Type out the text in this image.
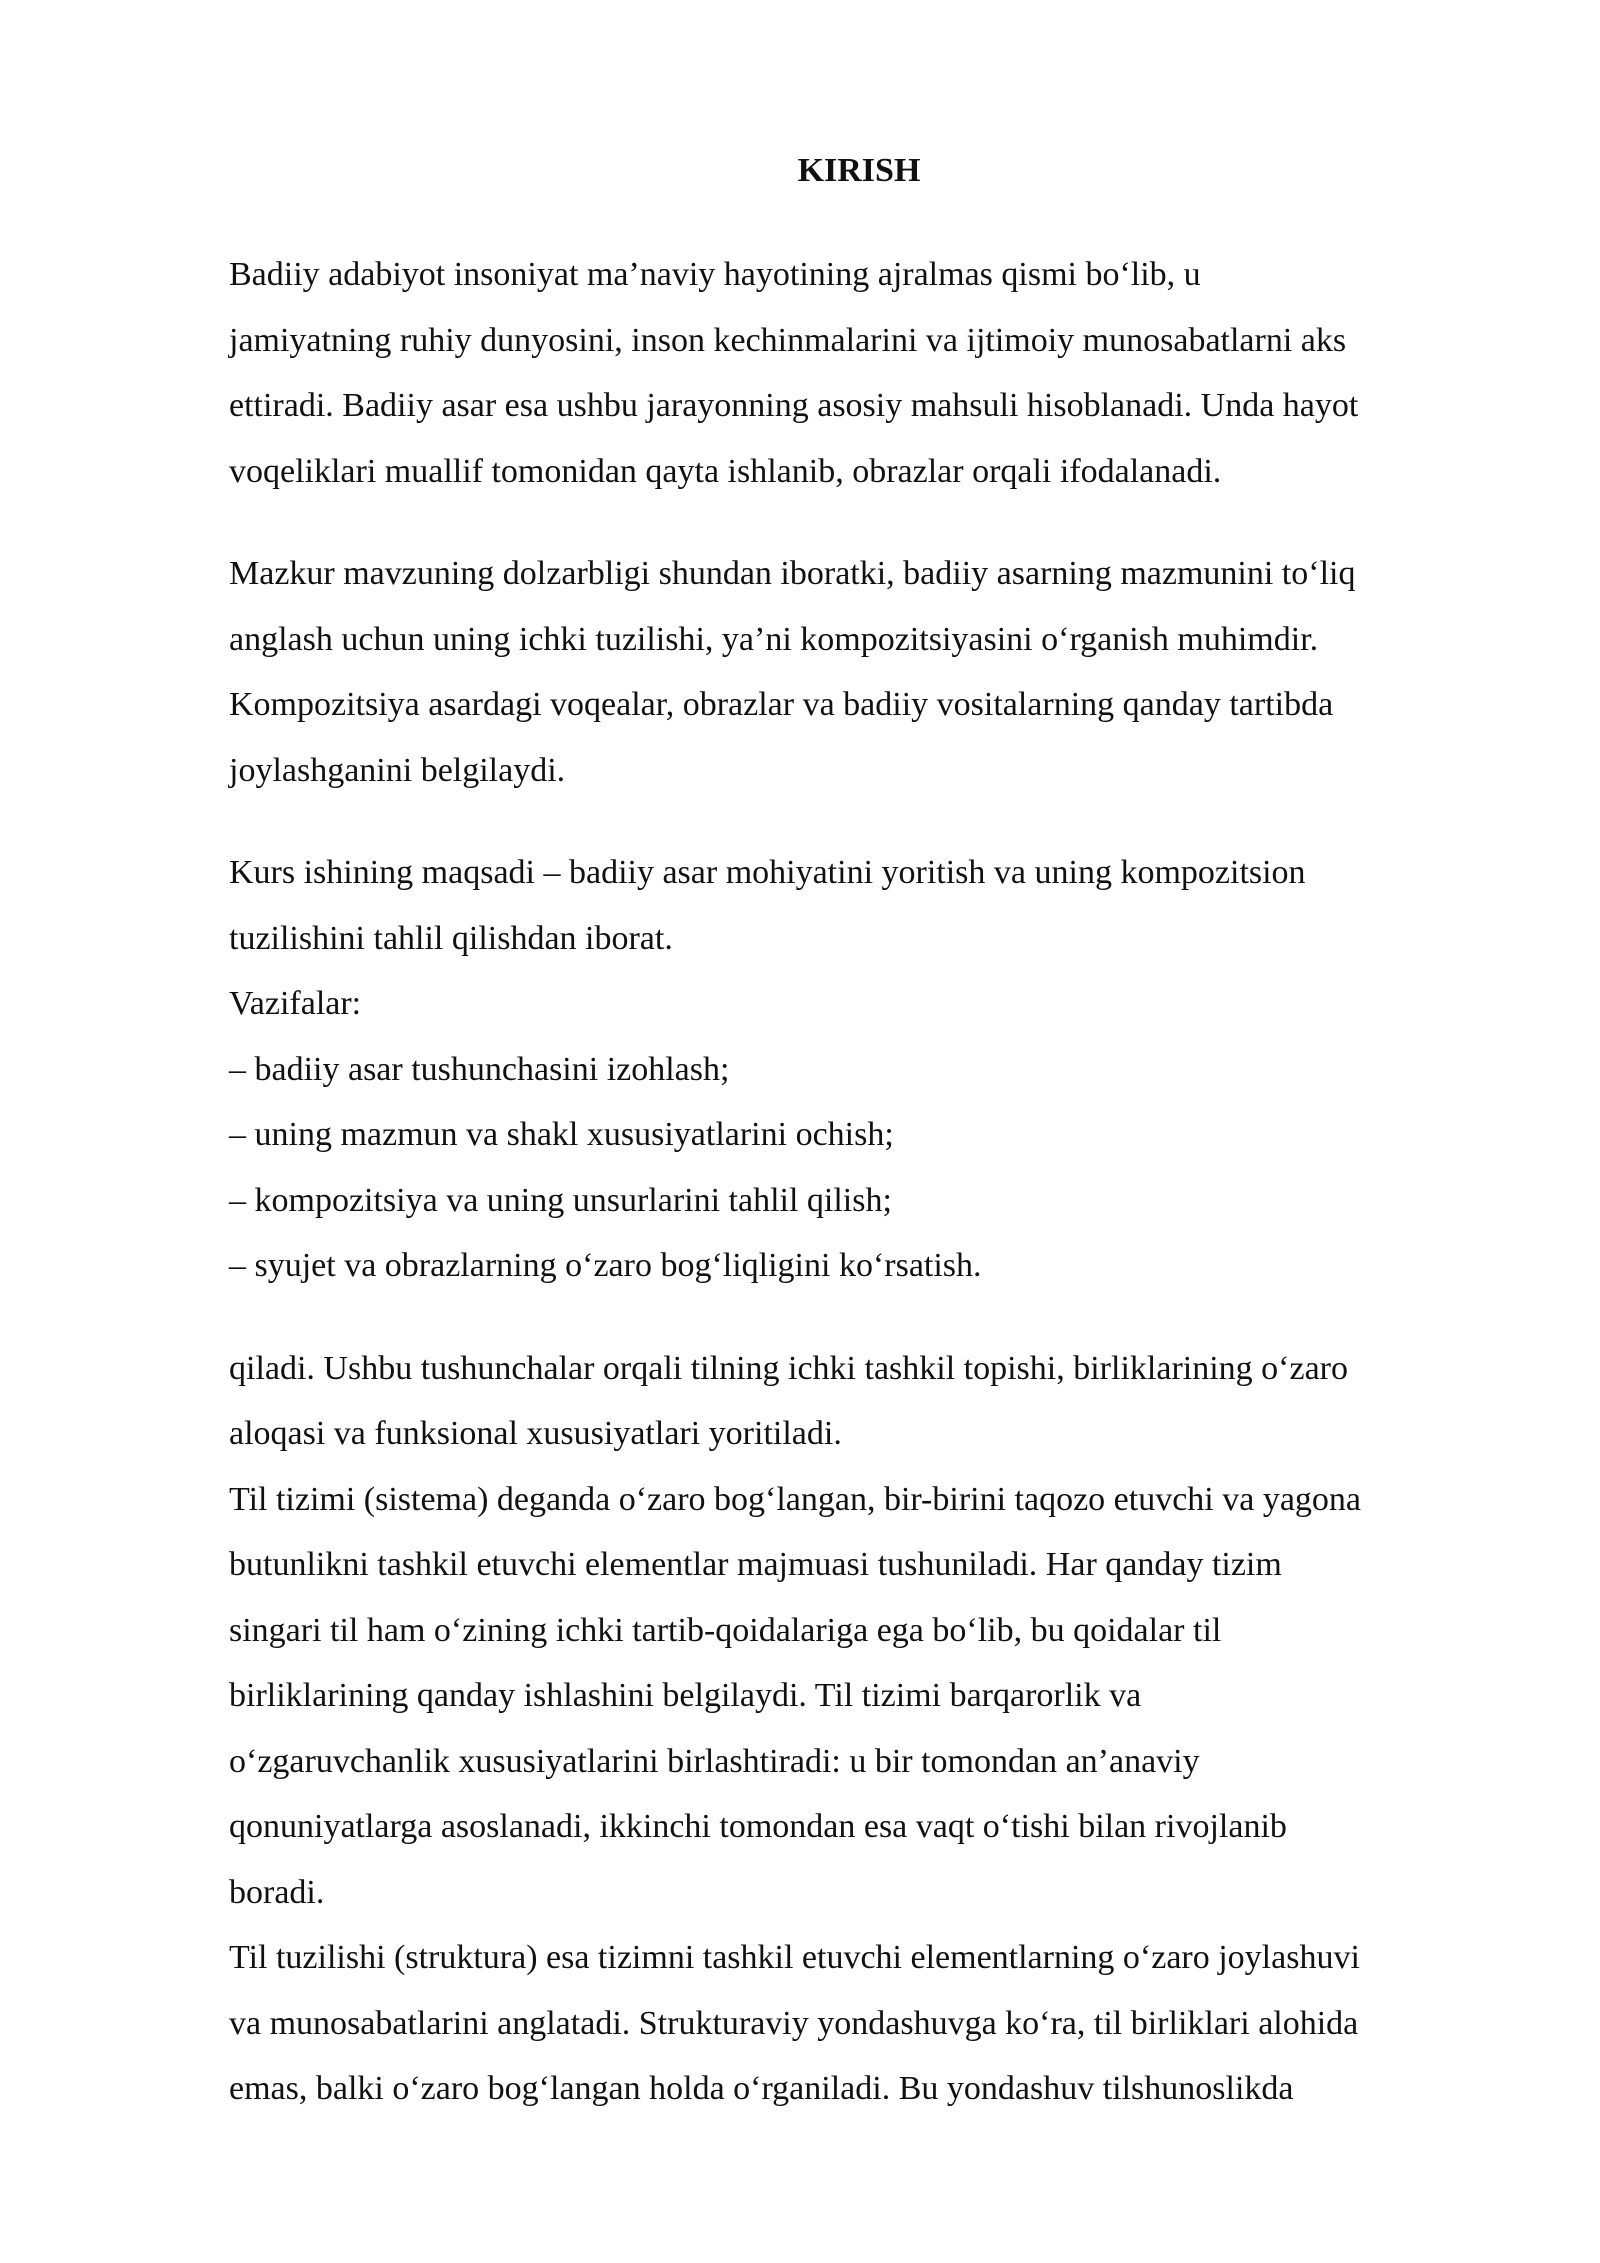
KIRISH
Badiiy adabiyot insoniyat ma’naviy hayotining ajralmas qismi bo‘lib, u
jamiyatning ruhiy dunyosini, inson kechinmalarini va ijtimoiy munosabatlarni aks
ettiradi. Badiiy asar esa ushbu jarayonning asosiy mahsuli hisoblanadi. Unda hayot
voqeliklari muallif tomonidan qayta ishlanib, obrazlar orqali ifodalanadi.
Mazkur mavzuning dolzarbligi shundan iboratki, badiiy asarning mazmunini to‘liq
anglash uchun uning ichki tuzilishi, ya’ni kompozitsiyasini o‘rganish muhimdir.
Kompozitsiya asardagi voqealar, obrazlar va badiiy vositalarning qanday tartibda
joylashganini belgilaydi.
Kurs ishining maqsadi – badiiy asar mohiyatini yoritish va uning kompozitsion
tuzilishini tahlil qilishdan iborat.
Vazifalar:
– badiiy asar tushunchasini izohlash;
– uning mazmun va shakl xususiyatlarini ochish;
– kompozitsiya va uning unsurlarini tahlil qilish;
– syujet va obrazlarning o‘zaro bog‘liqligini ko‘rsatish.
qiladi. Ushbu tushunchalar orqali tilning ichki tashkil topishi, birliklarining o‘zaro
aloqasi va funksional xususiyatlari yoritiladi.
Til tizimi (sistema) deganda o‘zaro bog‘langan, bir-birini taqozo etuvchi va yagona
butunlikni tashkil etuvchi elementlar majmuasi tushuniladi. Har qanday tizim
singari til ham o‘zining ichki tartib-qoidalariga ega bo‘lib, bu qoidalar til
birliklarining qanday ishlashini belgilaydi. Til tizimi barqarorlik va
o‘zgaruvchanlik xususiyatlarini birlashtiradi: u bir tomondan an’anaviy
qonuniyatlarga asoslanadi, ikkinchi tomondan esa vaqt o‘tishi bilan rivojlanib
boradi.
Til tuzilishi (struktura) esa tizimni tashkil etuvchi elementlarning o‘zaro joylashuvi
va munosabatlarini anglatadi. Strukturaviy yondashuvga ko‘ra, til birliklari alohida
emas, balki o‘zaro bog‘langan holda o‘rganiladi. Bu yondashuv tilshunoslikda
